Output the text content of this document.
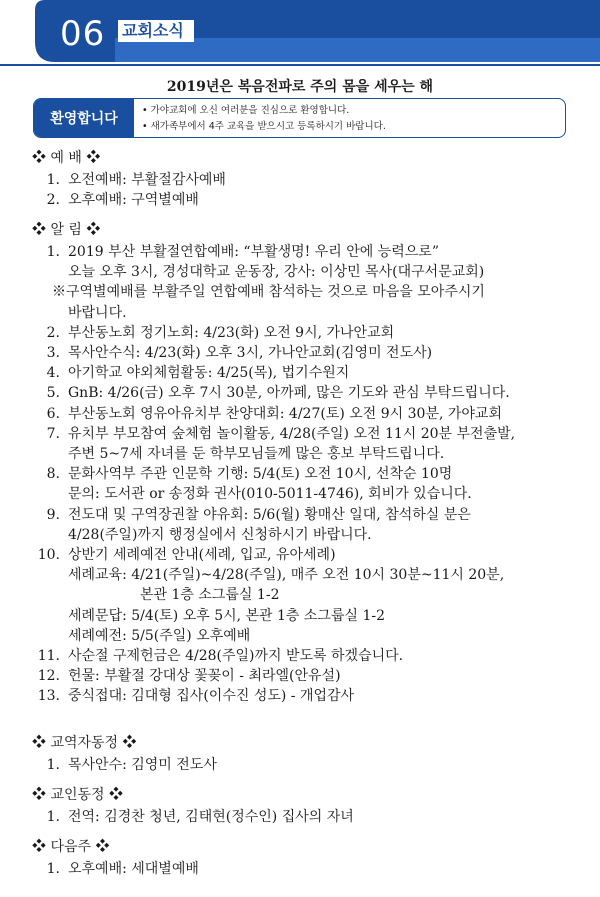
06 교회소식
2019년은 복음전파로 주의 몸을 세우는 해
환영합니다
• 가야교회에 오신 여러분을 진심으로 환영합니다.
• 새가족부에서 4주 교육을 받으시고 등록하시기 바랍니다.
❖ 예 배 ❖
1. 오전예배: 부활절감사예배
2. 오후예배: 구역별예배
❖ 알 림 ❖
1. 2019 부산 부활절연합예배: “부활생명! 우리 안에 능력으로”
오늘 오후 3시, 경성대학교 운동장, 강사: 이상민 목사(대구서문교회)
※구역별예배를 부활주일 연합예배 참석하는 것으로 마음을 모아주시기
바랍니다.
2. 부산동노회 정기노회: 4/23(화) 오전 9시, 가나안교회
3. 목사안수식: 4/23(화) 오후 3시, 가나안교회(김영미 전도사)
4. 아기학교 야외체험활동: 4/25(목), 법기수원지
5. GnB: 4/26(금) 오후 7시 30분, 아까페, 많은 기도와 관심 부탁드립니다.
6. 부산동노회 영유아유치부 찬양대회: 4/27(토) 오전 9시 30분, 가야교회
7. 유치부 부모참여 숲체험 놀이활동, 4/28(주일) 오전 11시 20분 부전출발,
주변 5~7세 자녀를 둔 학부모님들께 많은 홍보 부탁드립니다.
8. 문화사역부 주관 인문학 기행: 5/4(토) 오전 10시, 선착순 10명
문의: 도서관 or 송정화 권사(010-5011-4746), 회비가 있습니다.
9. 전도대 및 구역장권찰 야유회: 5/6(월) 황매산 일대, 참석하실 분은
4/28(주일)까지 행정실에서 신청하시기 바랍니다.
10. 상반기 세례예전 안내(세례, 입교, 유아세례)
세례교육: 4/21(주일)~4/28(주일), 매주 오전 10시 30분~11시 20분,
본관 1층 소그룹실 1-2
세례문답: 5/4(토) 오후 5시, 본관 1층 소그룹실 1-2
세례예전: 5/5(주일) 오후예배
11. 사순절 구제헌금은 4/28(주일)까지 받도록 하겠습니다.
12. 헌물: 부활절 강대상 꽃꽂이 - 최라엘(안유설)
13. 중식접대: 김대형 집사(이수진 성도) - 개업감사
❖ 교역자동정 ❖
1. 목사안수: 김영미 전도사
❖ 교인동정 ❖
1. 전역: 김경찬 청년, 김태현(정수인) 집사의 자녀
❖ 다음주 ❖
1. 오후예배: 세대별예배
